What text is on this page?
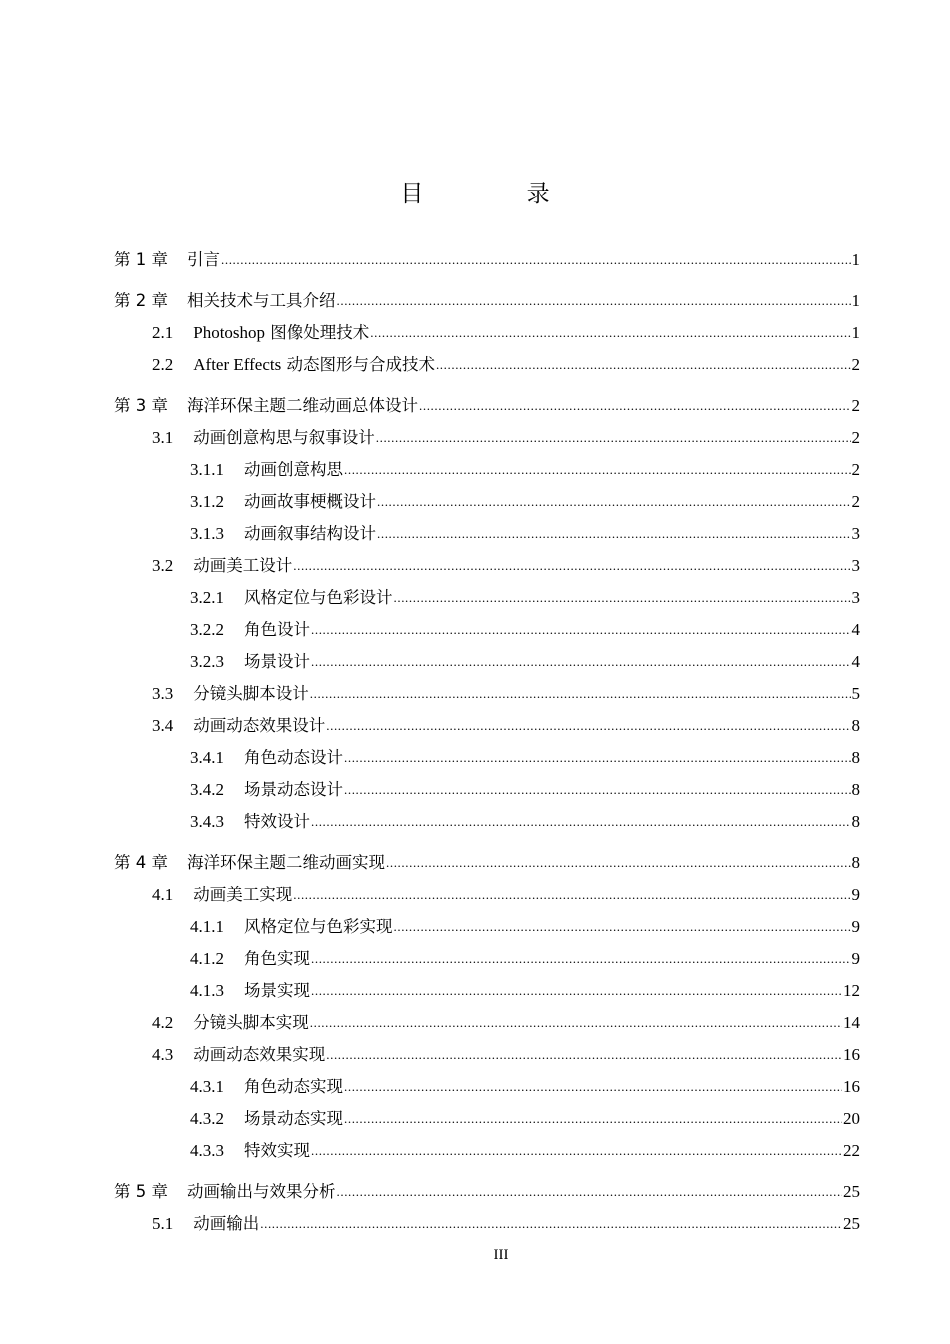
目 录
第 1 章 引言 .....	1
第 2 章 相关技术与工具介绍 .....	1
2.1 Photoshop 图像处理技术 .....	1
2.2 After Effects 动态图形与合成技术 .....	2
第 3 章 海洋环保主题二维动画总体设计 .....	2
3.1 动画创意构思与叙事设计 .....	2
3.1.1 动画创意构思 .....	2
3.1.2 动画故事梗概设计 .....	2
3.1.3 动画叙事结构设计 .....	3
3.2 动画美工设计 .....	3
3.2.1 风格定位与色彩设计 .....	3
3.2.2 角色设计 .....	4
3.2.3 场景设计 .....	4
3.3 分镜头脚本设计 .....	5
3.4 动画动态效果设计 .....	8
3.4.1 角色动态设计 .....	8
3.4.2 场景动态设计 .....	8
3.4.3 特效设计 .....	8
第 4 章 海洋环保主题二维动画实现 .....	8
4.1 动画美工实现 .....	9
4.1.1 风格定位与色彩实现 .....	9
4.1.2 角色实现 .....	9
4.1.3 场景实现 .....	12
4.2 分镜头脚本实现 .....	14
4.3 动画动态效果实现 .....	16
4.3.1 角色动态实现 .....	16
4.3.2 场景动态实现 .....	20
4.3.3 特效实现 .....	22
第 5 章 动画输出与效果分析 .....	25
5.1 动画输出 .....	25
III
